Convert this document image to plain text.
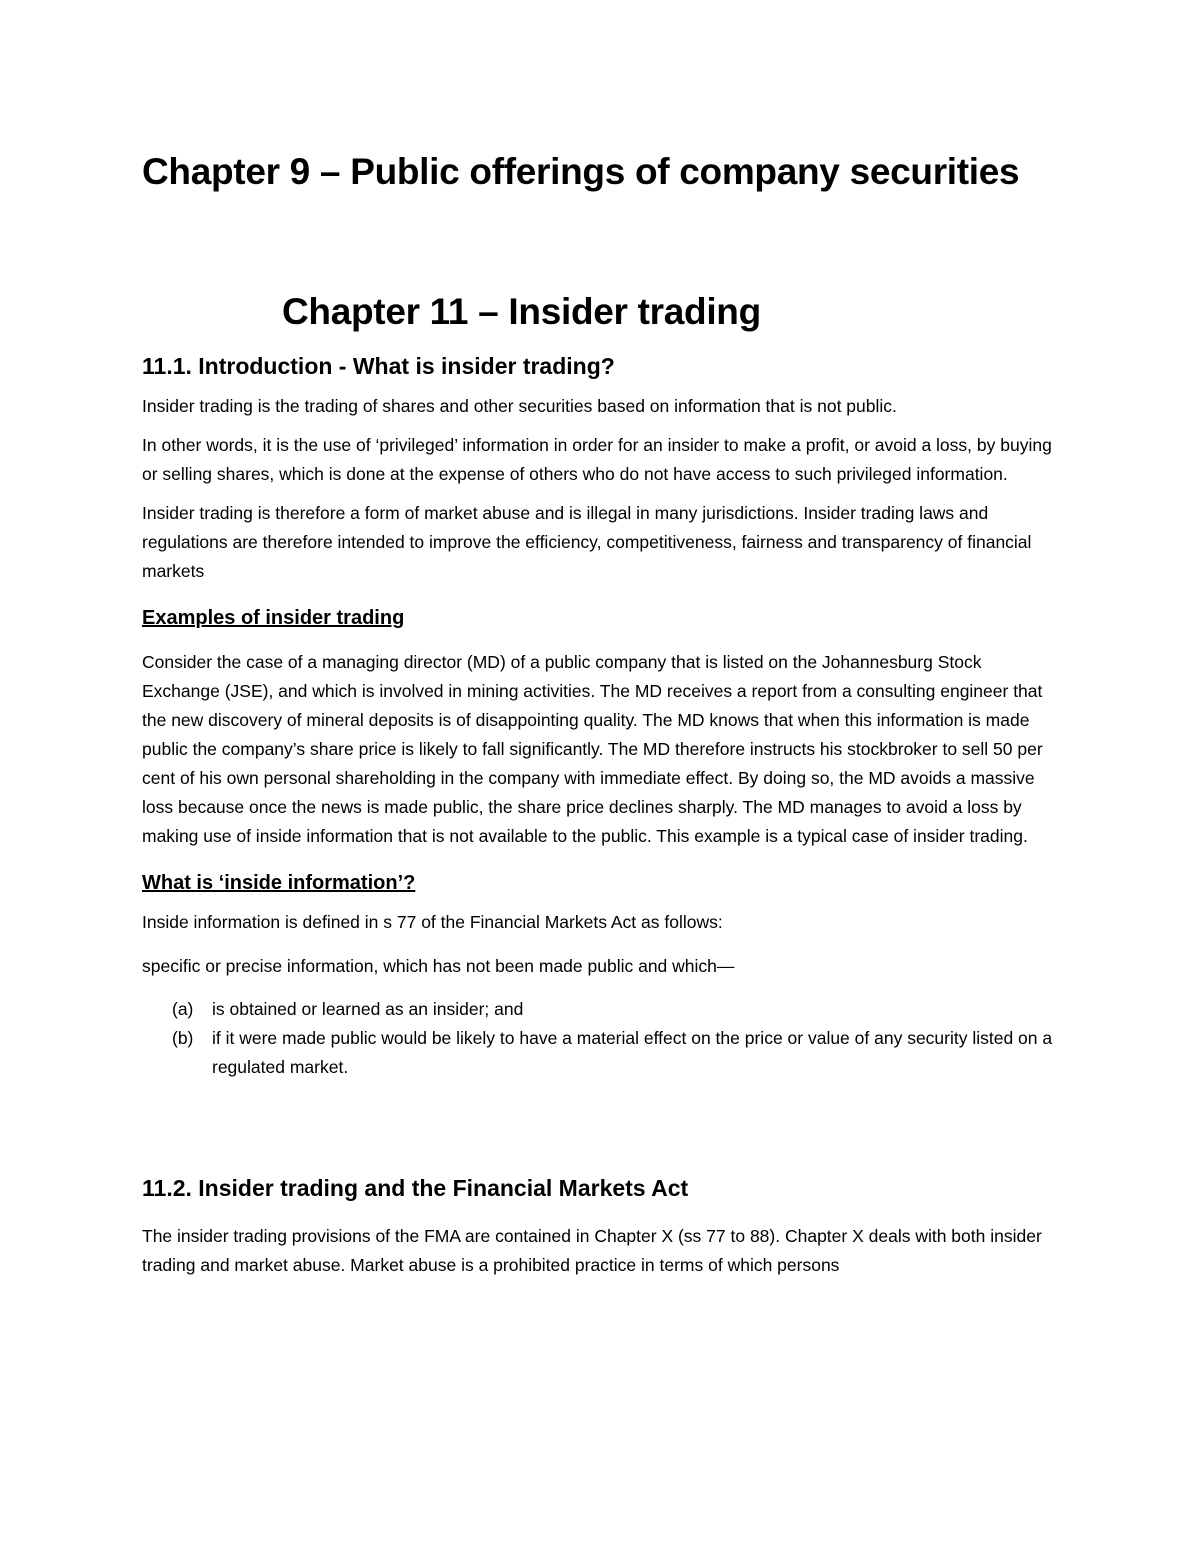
Chapter 9 – Public offerings of company securities
Chapter 11 – Insider trading
11.1. Introduction - What is insider trading?

Insider trading is the trading of shares and other securities based on information that is not public.

In other words, it is the use of ‘privileged’ information in order for an insider to make a profit, or avoid a loss, by buying or selling shares, which is done at the expense of others who do not have access to such privileged information.

Insider trading is therefore a form of market abuse and is illegal in many jurisdictions. Insider trading laws and regulations are therefore intended to improve the efficiency, competitiveness, fairness and transparency of financial markets

Examples of insider trading

Consider the case of a managing director (MD) of a public company that is listed on the Johannesburg Stock Exchange (JSE), and which is involved in mining activities. The MD receives a report from a consulting engineer that the new discovery of mineral deposits is of disappointing quality. The MD knows that when this information is made public the company’s share price is likely to fall significantly. The MD therefore instructs his stockbroker to sell 50 per cent of his own personal shareholding in the company with immediate effect. By doing so, the MD avoids a massive loss because once the news is made public, the share price declines sharply. The MD manages to avoid a loss by making use of inside information that is not available to the public. This example is a typical case of insider trading.

What is ‘inside information’?

Inside information is defined in s 77 of the Financial Markets Act as follows:

specific or precise information, which has not been made public and which—

(a)	is obtained or learned as an insider; and
(b)	if it were made public would be likely to have a material effect on the price or value of any security listed on a regulated market.
11.2. Insider trading and the Financial Markets Act

The insider trading provisions of the FMA are contained in Chapter X (ss 77 to 88). Chapter X deals with both insider trading and market abuse. Market abuse is a prohibited practice in terms of which persons
